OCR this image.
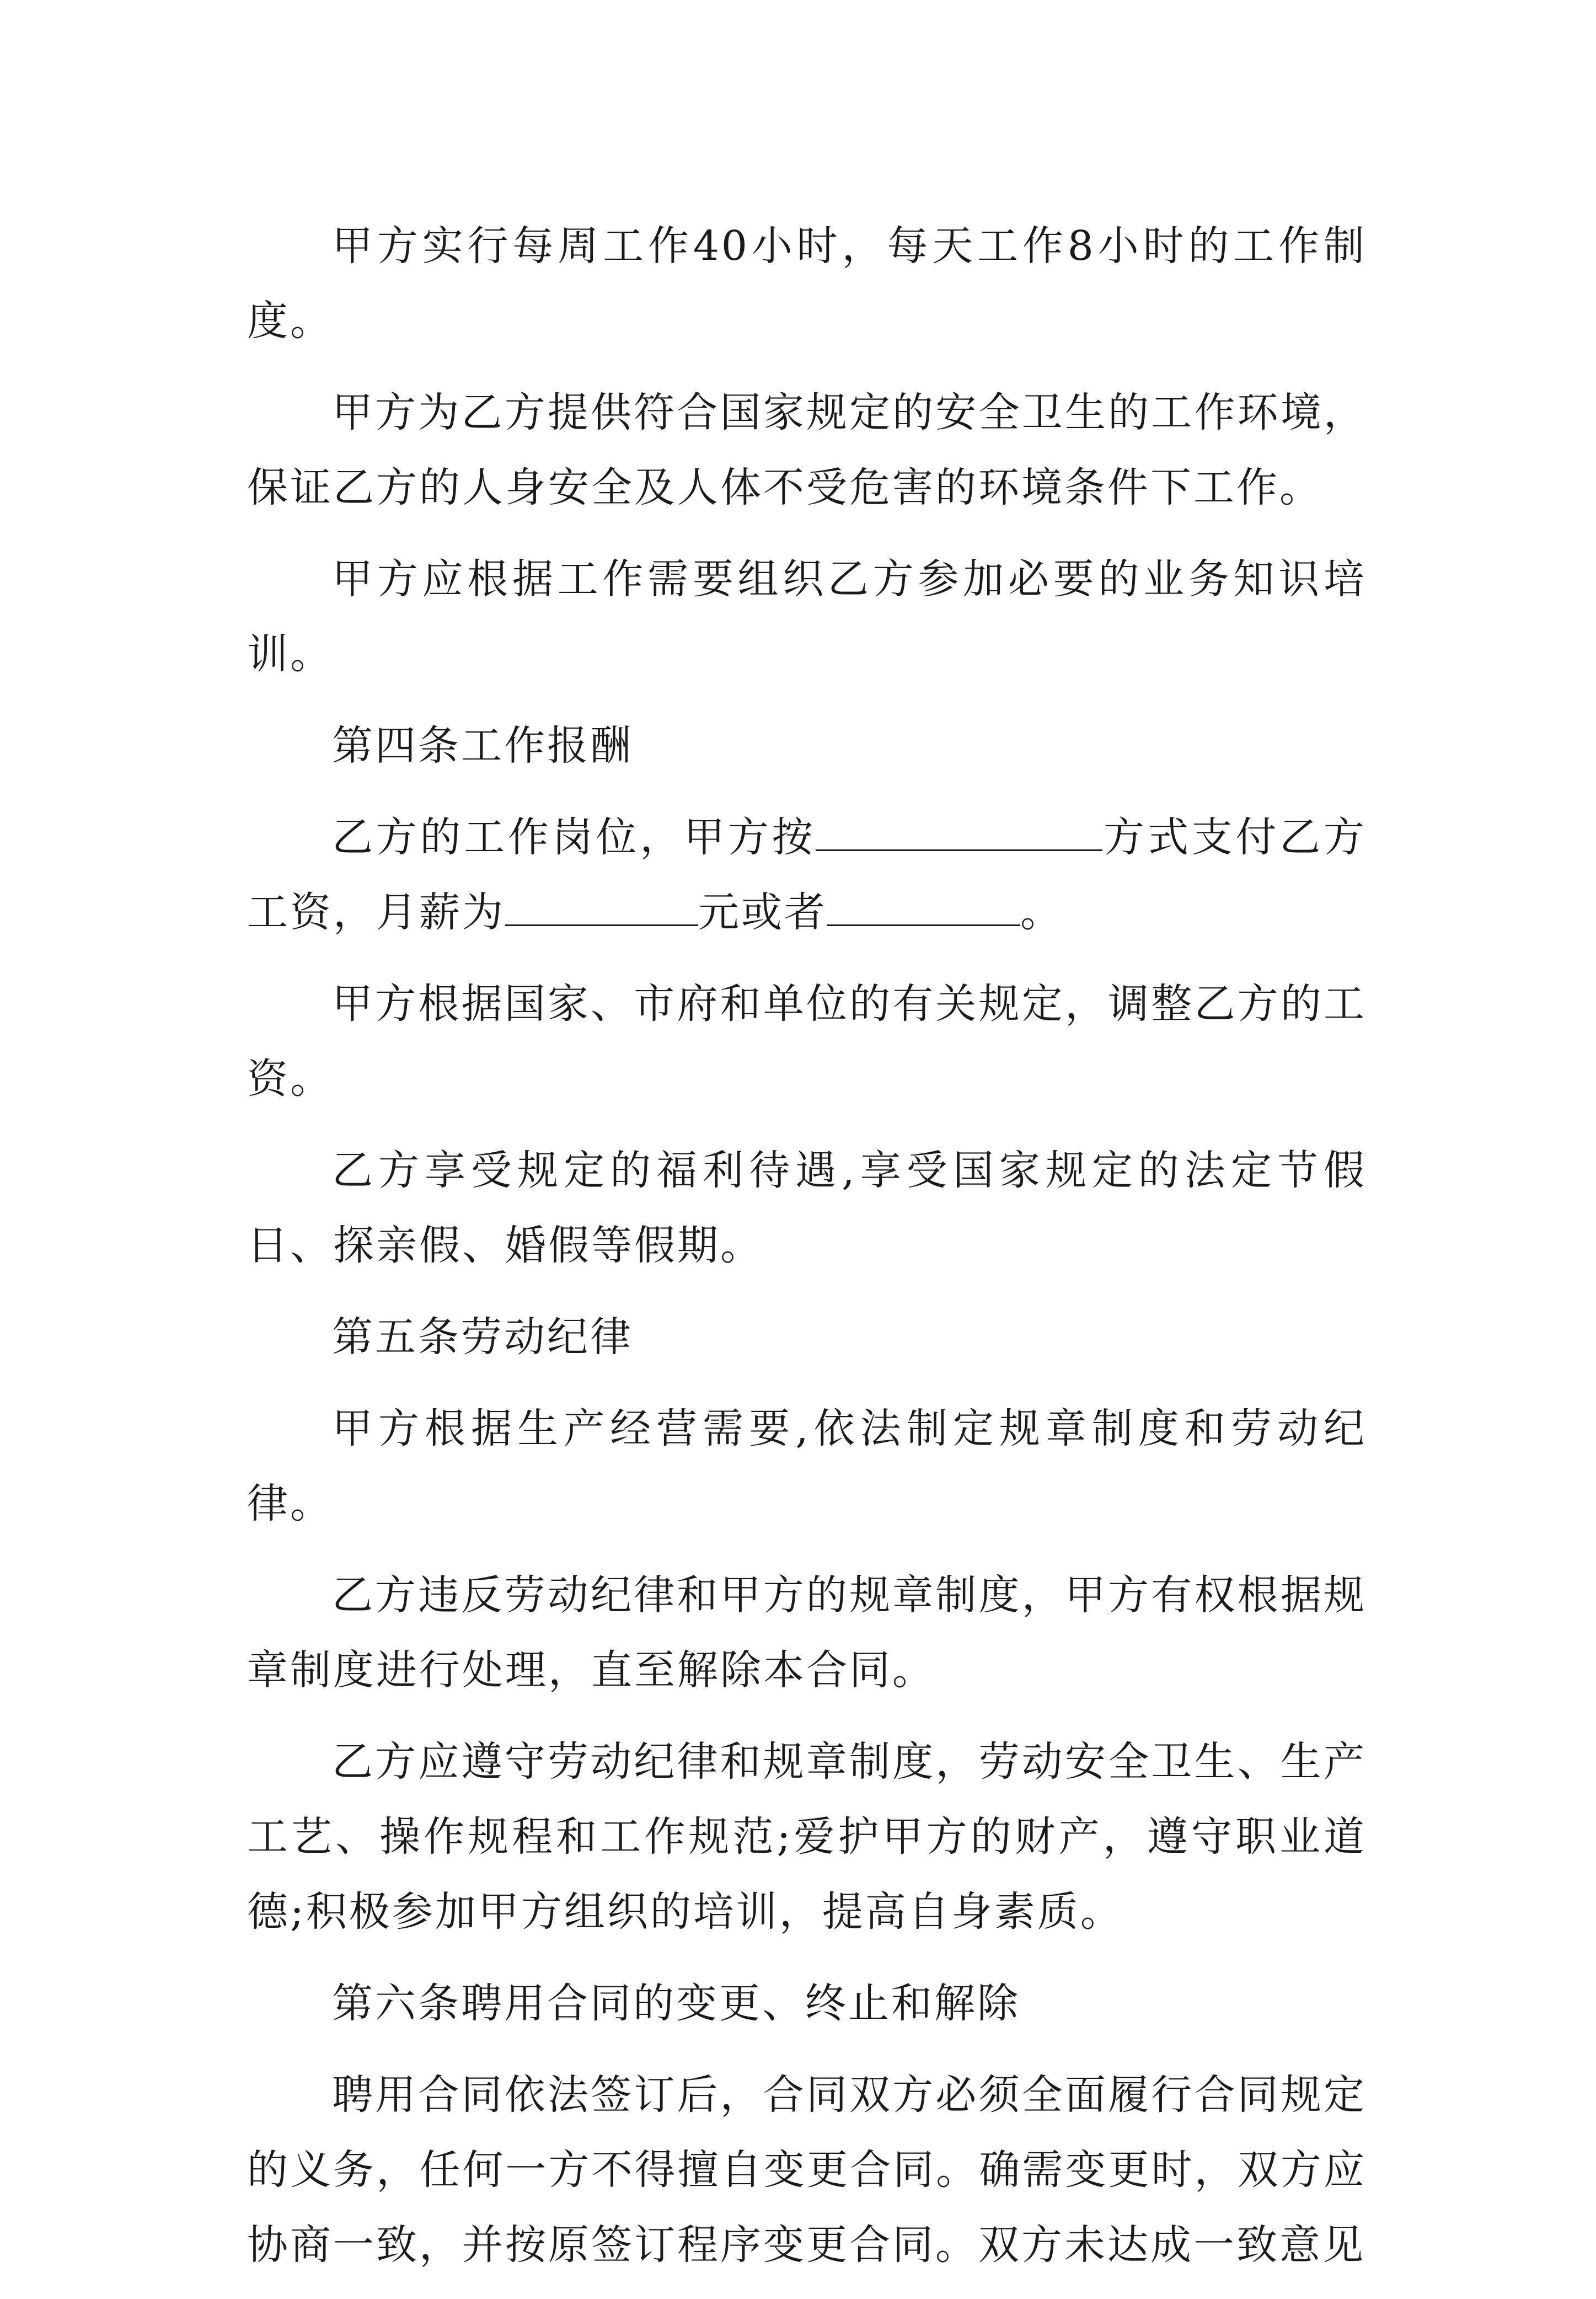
甲方实行每周工作40小时，每天工作8小时的工作制度。

甲方为乙方提供符合国家规定的安全卫生的工作环境，保证乙方的人身安全及人体不受危害的环境条件下工作。

甲方应根据工作需要组织乙方参加必要的业务知识培训。

第四条工作报酬

乙方的工作岗位，甲方按	方式支付乙方工资，月薪为	元或者	。

甲方根据国家、市府和单位的有关规定，调整乙方的工资。

乙方享受规定的福利待遇,享受国家规定的法定节假日、探亲假、婚假等假期。

第五条劳动纪律

甲方根据生产经营需要,依法制定规章制度和劳动纪律。

乙方违反劳动纪律和甲方的规章制度，甲方有权根据规章制度进行处理，直至解除本合同。

乙方应遵守劳动纪律和规章制度，劳动安全卫生、生产工艺、操作规程和工作规范;爱护甲方的财产，遵守职业道德;积极参加甲方组织的培训，提高自身素质。

第六条聘用合同的变更、终止和解除

聘用合同依法签订后，合同双方必须全面履行合同规定的义务，任何一方不得擅自变更合同。确需变更时，双方应协商一致，并按原签订程序变更合同。双方未达成一致意见
